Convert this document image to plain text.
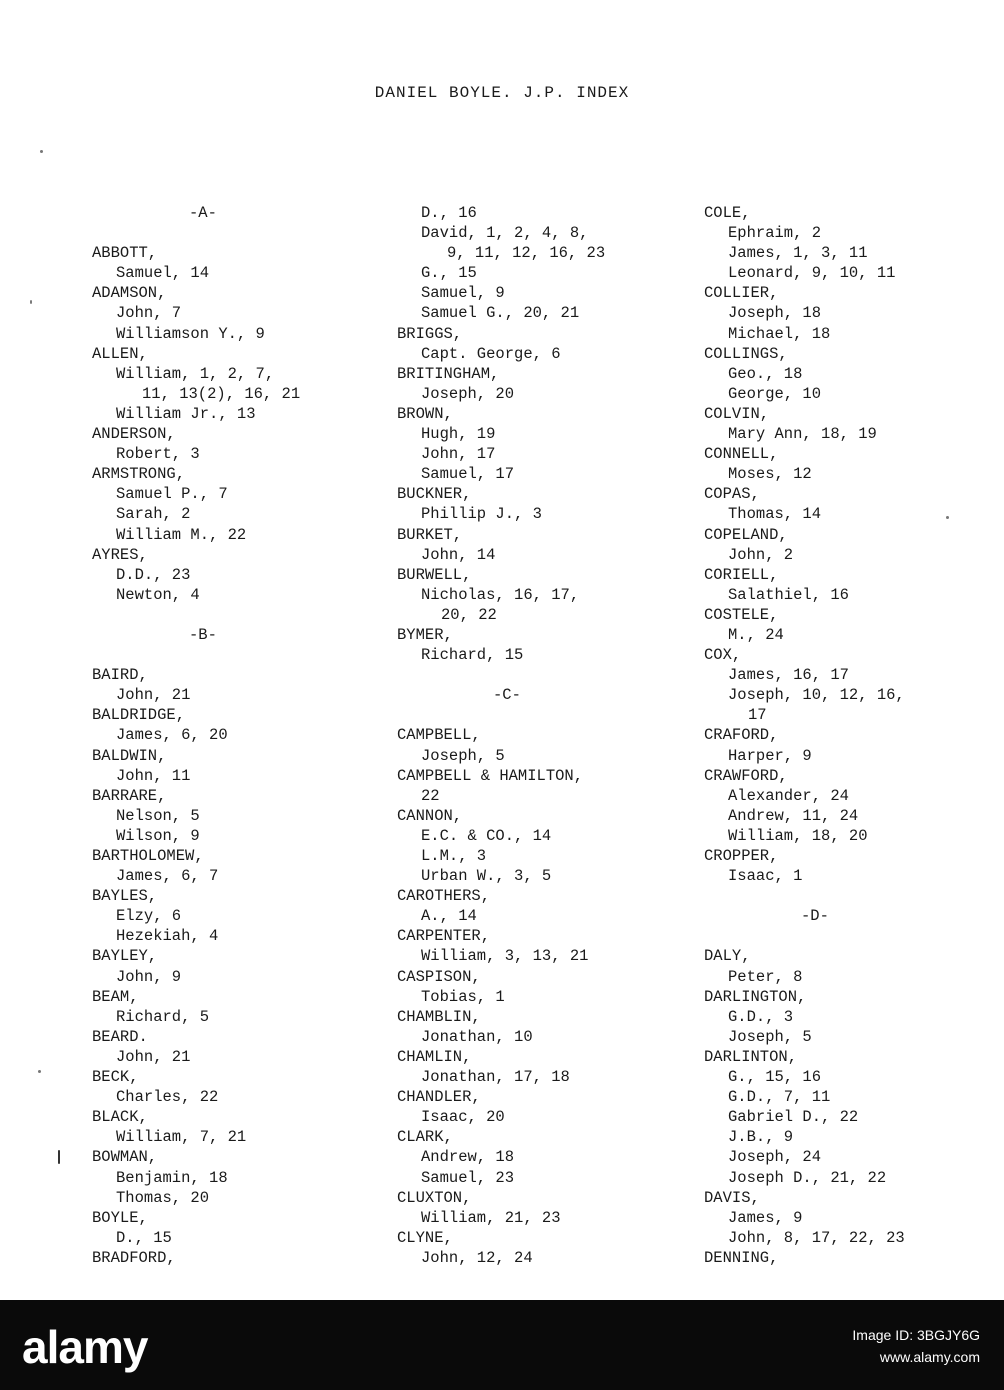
DANIEL BOYLE. J.P. INDEX
-A-
ABBOTT,
Samuel, 14
ADAMSON,
John, 7
Williamson Y., 9
ALLEN,
William, 1, 2, 7,
11, 13(2), 16, 21
William Jr., 13
ANDERSON,
Robert, 3
ARMSTRONG,
Samuel P., 7
Sarah, 2
William M., 22
AYRES,
D.D., 23
Newton, 4
-B-
BAIRD,
John, 21
BALDRIDGE,
James, 6, 20
BALDWIN,
John, 11
BARRARE,
Nelson, 5
Wilson, 9
BARTHOLOMEW,
James, 6, 7
BAYLES,
Elzy, 6
Hezekiah, 4
BAYLEY,
John, 9
BEAM,
Richard, 5
BEARD.
John, 21
BECK,
Charles, 22
BLACK,
William, 7, 21
BOWMAN,
Benjamin, 18
Thomas, 20
BOYLE,
D., 15
BRADFORD,
D., 16
David, 1, 2, 4, 8,
9, 11, 12, 16, 23
G., 15
Samuel, 9
Samuel G., 20, 21
BRIGGS,
Capt. George, 6
BRITINGHAM,
Joseph, 20
BROWN,
Hugh, 19
John, 17
Samuel, 17
BUCKNER,
Phillip J., 3
BURKET,
John, 14
BURWELL,
Nicholas, 16, 17,
20, 22
BYMER,
Richard, 15
-C-
CAMPBELL,
Joseph, 5
CAMPBELL & HAMILTON,
22
CANNON,
E.C. & CO., 14
L.M., 3
Urban W., 3, 5
CAROTHERS,
A., 14
CARPENTER,
William, 3, 13, 21
CASPISON,
Tobias, 1
CHAMBLIN,
Jonathan, 10
CHAMLIN,
Jonathan, 17, 18
CHANDLER,
Isaac, 20
CLARK,
Andrew, 18
Samuel, 23
CLUXTON,
William, 21, 23
CLYNE,
John, 12, 24
COLE,
Ephraim, 2
James, 1, 3, 11
Leonard, 9, 10, 11
COLLIER,
Joseph, 18
Michael, 18
COLLINGS,
Geo., 18
George, 10
COLVIN,
Mary Ann, 18, 19
CONNELL,
Moses, 12
COPAS,
Thomas, 14
COPELAND,
John, 2
CORIELL,
Salathiel, 16
COSTELE,
M., 24
COX,
James, 16, 17
Joseph, 10, 12, 16,
17
CRAFORD,
Harper, 9
CRAWFORD,
Alexander, 24
Andrew, 11, 24
William, 18, 20
CROPPER,
Isaac, 1
-D-
DALY,
Peter, 8
DARLINGTON,
G.D., 3
Joseph, 5
DARLINTON,
G., 15, 16
G.D., 7, 11
Gabriel D., 22
J.B., 9
Joseph, 24
Joseph D., 21, 22
DAVIS,
James, 9
John, 8, 17, 22, 23
DENNING,
alamy	Image ID: 3BGJY6G
www.alamy.com
